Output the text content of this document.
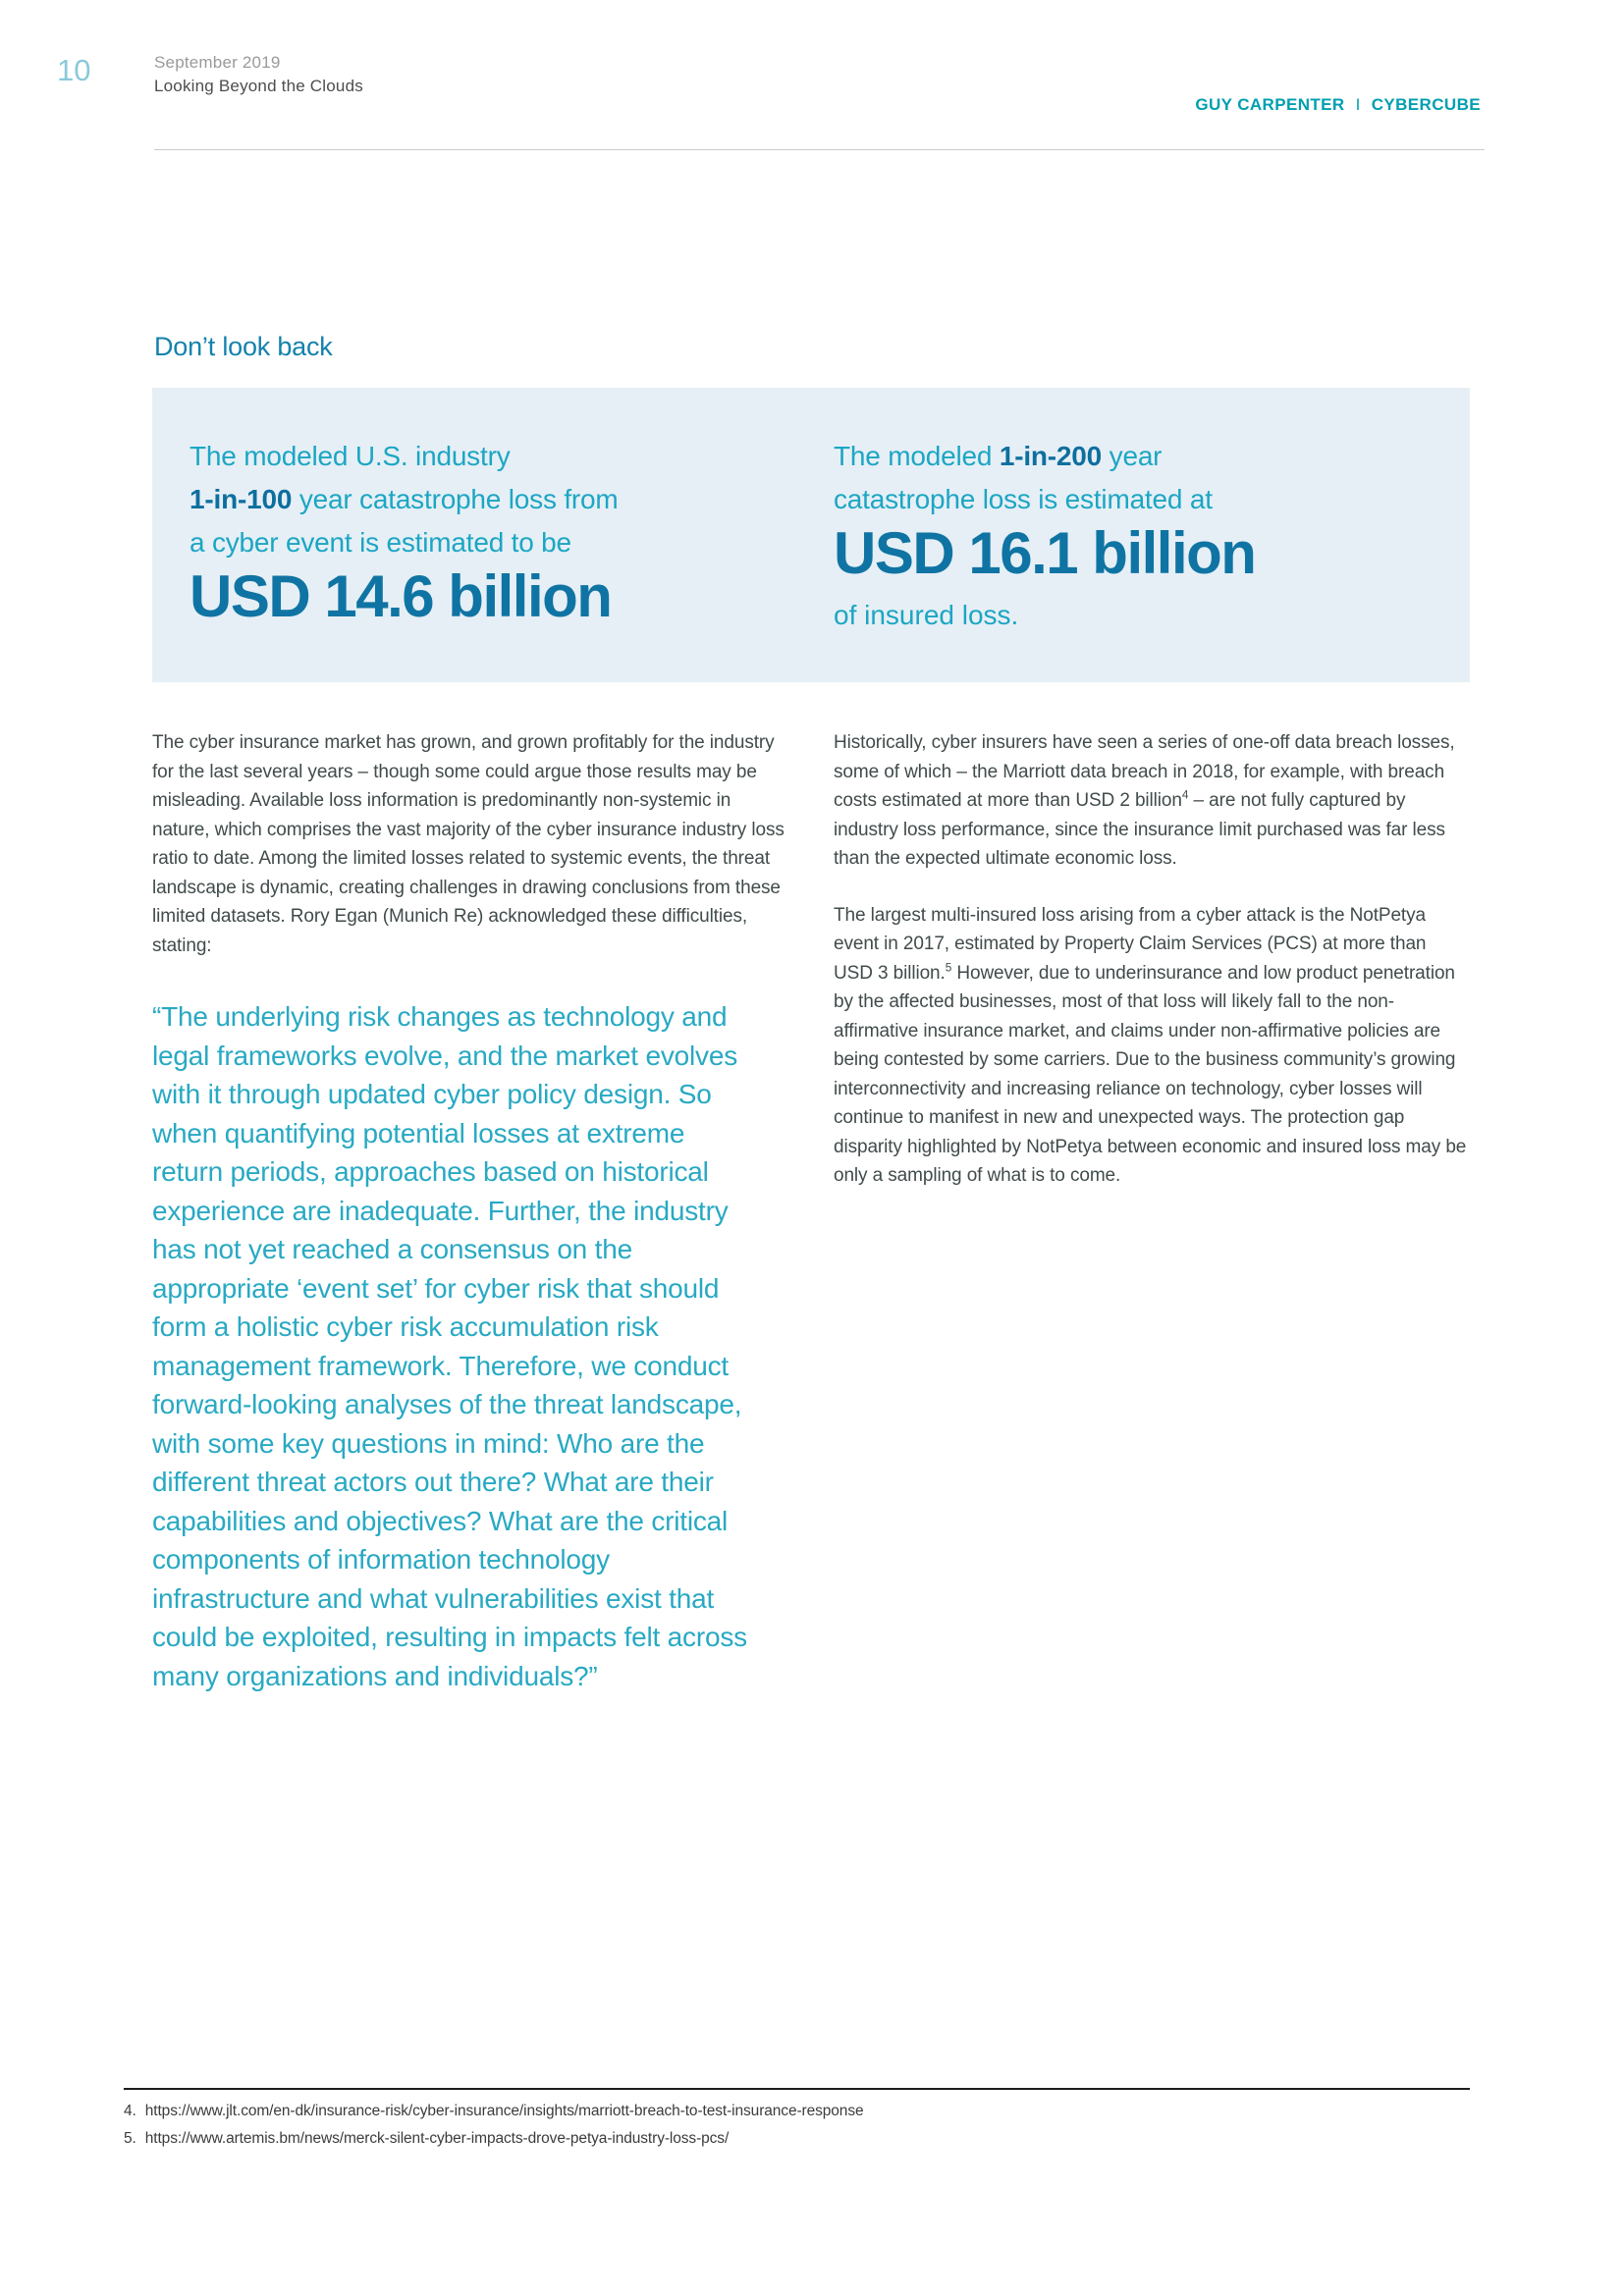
10	September 2019
Looking Beyond the Clouds
GUY CARPENTER I CYBERCUBE
Don’t look back
The modeled U.S. industry
1-in-100 year catastrophe loss from
a cyber event is estimated to be
USD 14.6 billion
The modeled 1-in-200 year
catastrophe loss is estimated at
USD 16.1 billion
of insured loss.

The cyber insurance market has grown, and grown profitably for the industry for the last several years – though some could argue those results may be misleading. Available loss information is predominantly non-systemic in nature, which comprises the vast majority of the cyber insurance industry loss ratio to date. Among the limited losses related to systemic events, the threat landscape is dynamic, creating challenges in drawing conclusions from these limited datasets. Rory Egan (Munich Re) acknowledged these difficulties, stating:

“The underlying risk changes as technology and legal frameworks evolve, and the market evolves with it through updated cyber policy design. So when quantifying potential losses at extreme return periods, approaches based on historical experience are inadequate. Further, the industry has not yet reached a consensus on the appropriate ‘event set’ for cyber risk that should form a holistic cyber risk accumulation risk management framework. Therefore, we conduct forward-looking analyses of the threat landscape, with some key questions in mind: Who are the different threat actors out there? What are their capabilities and objectives? What are the critical components of information technology infrastructure and what vulnerabilities exist that could be exploited, resulting in impacts felt across many organizations and individuals?”

Historically, cyber insurers have seen a series of one-off data breach losses, some of which – the Marriott data breach in 2018, for example, with breach costs estimated at more than USD 2 billion$^4$ – are not fully captured by industry loss performance, since the insurance limit purchased was far less than the expected ultimate economic loss.

The largest multi-insured loss arising from a cyber attack is the NotPetya event in 2017, estimated by Property Claim Services (PCS) at more than USD 3 billion.$^5$ However, due to underinsurance and low product penetration by the affected businesses, most of that loss will likely fall to the non-affirmative insurance market, and claims under non-affirmative policies are being contested by some carriers. Due to the business community’s growing interconnectivity and increasing reliance on technology, cyber losses will continue to manifest in new and unexpected ways. The protection gap disparity highlighted by NotPetya between economic and insured loss may be only a sampling of what is to come.

4. https://www.jlt.com/en-dk/insurance-risk/cyber-insurance/insights/marriott-breach-to-test-insurance-response
5. https://www.artemis.bm/news/merck-silent-cyber-impacts-drove-petya-industry-loss-pcs/
